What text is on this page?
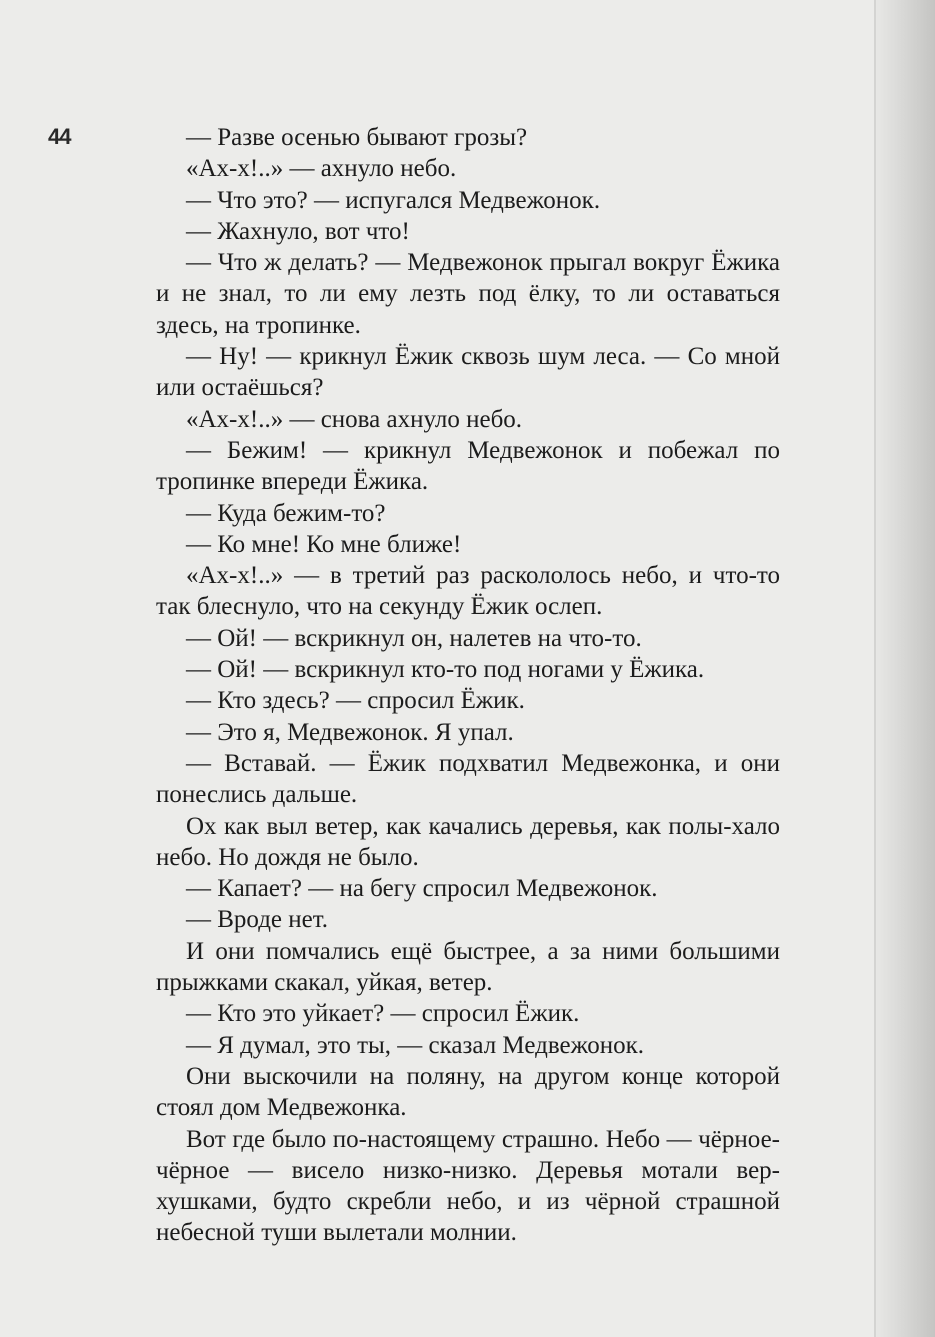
44	— Разве осенью бывают грозы?

«Ах-х!..» — ахнуло небо.

— Что это? — испугался Медвежонок.

— Жахнуло, вот что!

— Что ж делать? — Медвежонок прыгал вокруг Ёжика и не знал, то ли ему лезть под ёлку, то ли оставаться здесь, на тропинке.

— Ну! — крикнул Ёжик сквозь шум леса. — Со мной или остаёшься?

«Ах-х!..» — снова ахнуло небо.

— Бежим! — крикнул Медвежонок и побежал по тропинке впереди Ёжика.

— Куда бежим-то?

— Ко мне! Ко мне ближе!

«Ах-х!..» — в третий раз раскололось небо, и что-то так блеснуло, что на секунду Ёжик ослеп.

— Ой! — вскрикнул он, налетев на что-то.

— Ой! — вскрикнул кто-то под ногами у Ёжика.

— Кто здесь? — спросил Ёжик.

— Это я, Медвежонок. Я упал.

— Вставай. — Ёжик подхватил Медвежонка, и они понеслись дальше.

Ох как выл ветер, как качались деревья, как полы-хало небо. Но дождя не было.

— Капает? — на бегу спросил Медвежонок.

— Вроде нет.

И они помчались ещё быстрее, а за ними большими прыжками скакал, уйкая, ветер.

— Кто это уйкает? — спросил Ёжик.

— Я думал, это ты, — сказал Медвежонок.

Они выскочили на поляну, на другом конце которой стоял дом Медвежонка.

Вот где было по-настоящему страшно. Небо — чёрное-чёрное — висело низко-низко. Деревья мотали верхушками, будто скребли небо, и из чёрной страшной небесной туши вылетали молнии.
